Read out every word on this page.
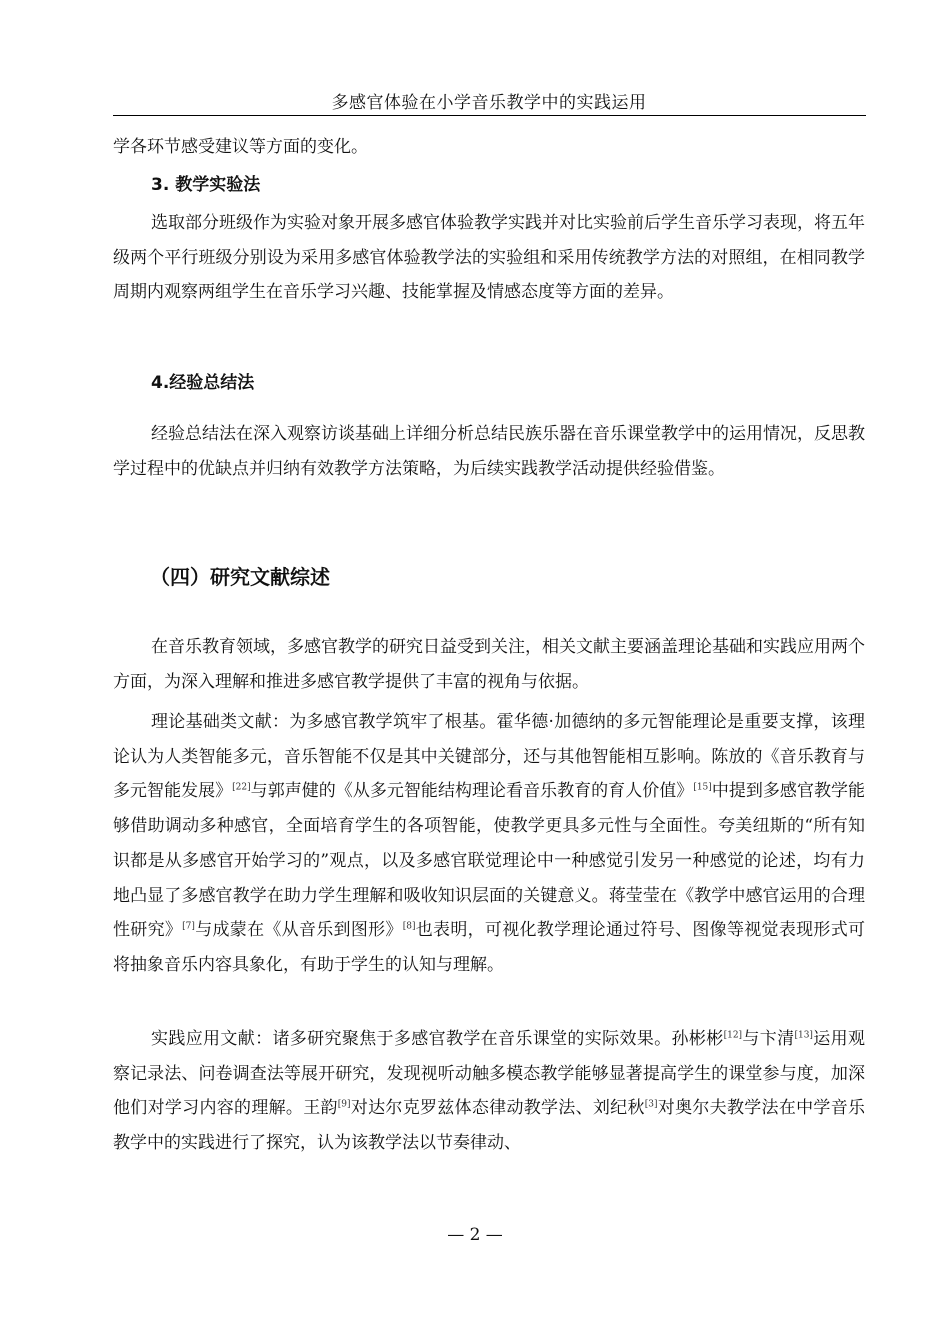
多感官体验在小学音乐教学中的实践运用
学各环节感受建议等方面的变化。
3. 教学实验法
选取部分班级作为实验对象开展多感官体验教学实践并对比实验前后学生音乐学习表现，将五年级两个平行班级分别设为采用多感官体验教学法的实验组和采用传统教学方法的对照组，在相同教学周期内观察两组学生在音乐学习兴趣、技能掌握及情感态度等方面的差异。
4.经验总结法
经验总结法在深入观察访谈基础上详细分析总结民族乐器在音乐课堂教学中的运用情况，反思教学过程中的优缺点并归纳有效教学方法策略，为后续实践教学活动提供经验借鉴。
（四）研究文献综述
在音乐教育领域，多感官教学的研究日益受到关注，相关文献主要涵盖理论基础和实践应用两个方面，为深入理解和推进多感官教学提供了丰富的视角与依据。
理论基础类文献：为多感官教学筑牢了根基。霍华德·加德纳的多元智能理论是重要支撑，该理论认为人类智能多元，音乐智能不仅是其中关键部分，还与其他智能相互影响。陈放的《音乐教育与多元智能发展》[22]与郭声健的《从多元智能结构理论看音乐教育的育人价值》[15]中提到多感官教学能够借助调动多种感官，全面培育学生的各项智能，使教学更具多元性与全面性。夸美纽斯的“所有知识都是从多感官开始学习的”观点，以及多感官联觉理论中一种感觉引发另一种感觉的论述，均有力地凸显了多感官教学在助力学生理解和吸收知识层面的关键意义。蒋莹莹在《教学中感官运用的合理性研究》[7]与成蒙在《从音乐到图形》[8]也表明，可视化教学理论通过符号、图像等视觉表现形式可将抽象音乐内容具象化，有助于学生的认知与理解。
实践应用文献：诸多研究聚焦于多感官教学在音乐课堂的实际效果。孙彬彬[12]与卞清[13]运用观察记录法、问卷调查法等展开研究，发现视听动触多模态教学能够显著提高学生的课堂参与度，加深他们对学习内容的理解。王韵[9]对达尔克罗兹体态律动教学法、刘纪秋[3]对奥尔夫教学法在中学音乐教学中的实践进行了探究，认为该教学法以节奏律动、
— 2 —
